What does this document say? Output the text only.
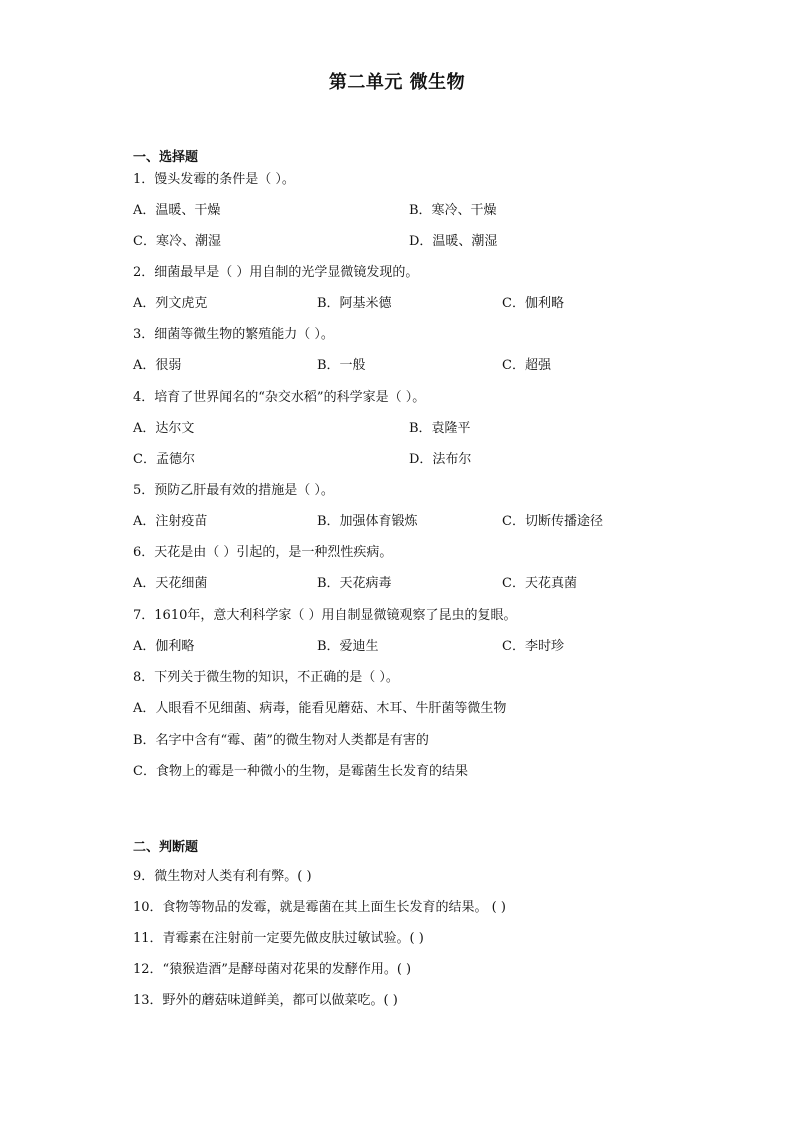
第二单元 微生物
一、选择题
1．馒头发霉的条件是（ ）。
A．温暖、干燥	B．寒冷、干燥
C．寒冷、潮湿	D．温暖、潮湿
2．细菌最早是（ ）用自制的光学显微镜发现的。
A．列文虎克	B．阿基米德	C．伽利略
3．细菌等微生物的繁殖能力（ ）。
A．很弱	B．一般	C．超强
4．培育了世界闻名的“杂交水稻”的科学家是（ ）。
A．达尔文	B．袁隆平
C．孟德尔	D．法布尔
5．预防乙肝最有效的措施是（ ）。
A．注射疫苗	B．加强体育锻炼	C．切断传播途径
6．天花是由（ ）引起的，是一种烈性疾病。
A．天花细菌	B．天花病毒	C．天花真菌
7．1610年，意大利科学家（ ）用自制显微镜观察了昆虫的复眼。
A．伽利略	B．爱迪生	C．李时珍
8．下列关于微生物的知识，不正确的是（ ）。
A．人眼看不见细菌、病毒，能看见蘑菇、木耳、牛肝菌等微生物
B．名字中含有“霉、菌”的微生物对人类都是有害的
C．食物上的霉是一种微小的生物，是霉菌生长发育的结果
二、判断题
9．微生物对人类有利有弊。( )
10．食物等物品的发霉，就是霉菌在其上面生长发育的结果。 ( )
11．青霉素在注射前一定要先做皮肤过敏试验。( )
12．“猿猴造酒”是酵母菌对花果的发酵作用。( )
13．野外的蘑菇味道鲜美，都可以做菜吃。( )
